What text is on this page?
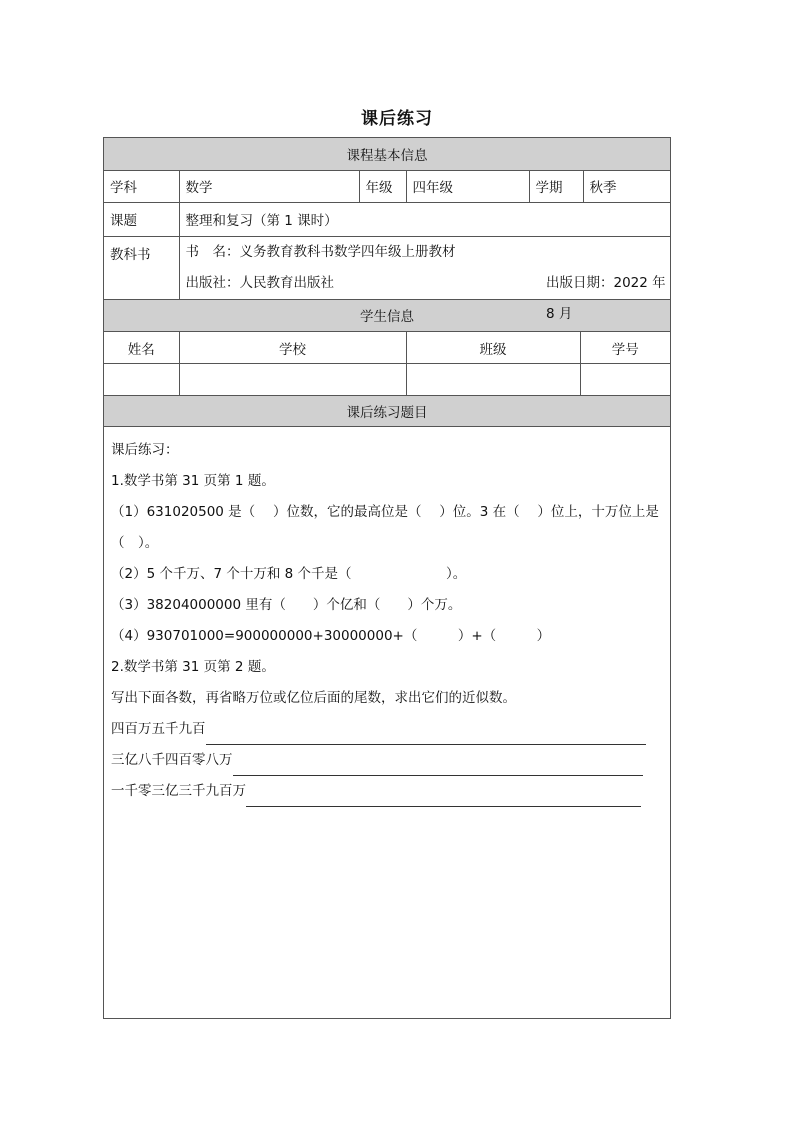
课后练习
课程基本信息					
学科	数学	年级	四年级	学期	秋季
课题	整理和复习（第 1 课时）				
教科书	书　名：义务教育教科书数学四年级上册教材
出版社：人民教育出版社 出版日期：2022 年 8 月				
学生信息			
姓名	学校	班级	学号

课后练习题目			
课后练习：
1.数学书第 31 页第 1 题。
（1）631020500 是（　 ）位数，它的最高位是（　 ）位。3 在（　 ）位上，十万位上是
（　）。
（2）5 个千万、7 个十万和 8 个千是（　　　　　　　）。
（3）38204000000 里有（　　）个亿和（　　）个万。
（4）930701000=900000000+30000000+（　　　）+（　　　）
2.数学书第 31 页第 2 题。
写出下面各数，再省略万位或亿位后面的尾数，求出它们的近似数。
四百万五千九百
三亿八千四百零八万
一千零三亿三千九百万
